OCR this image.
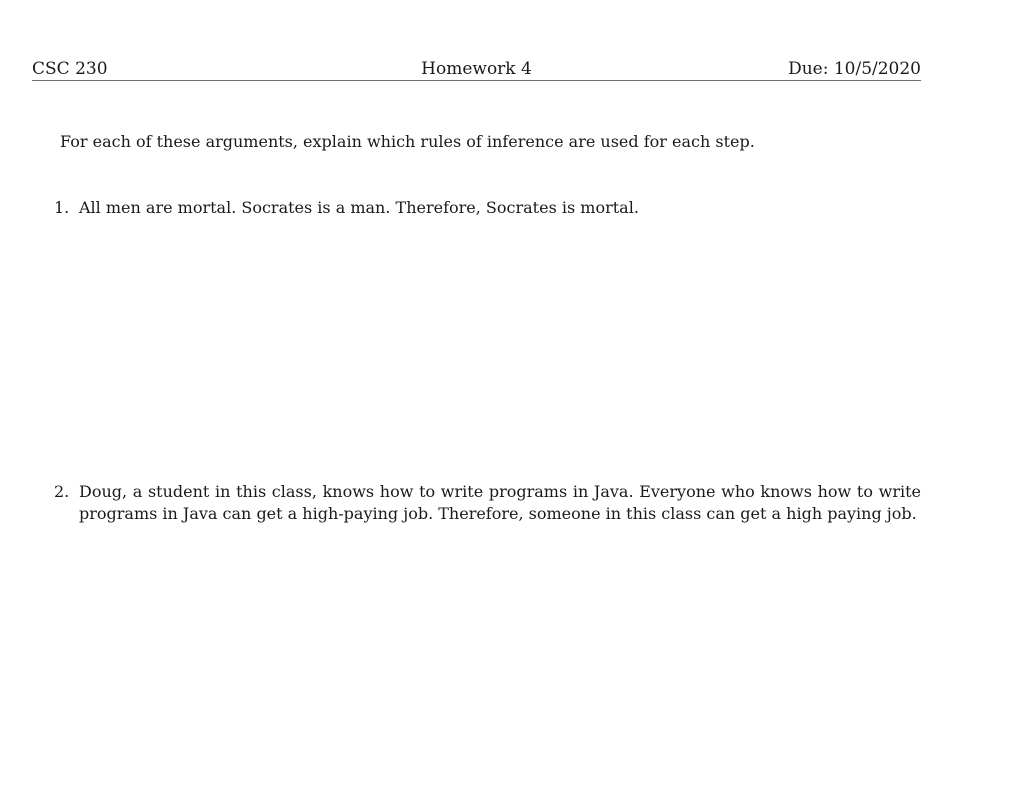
CSC 230	Homework 4	Due: 10/5/2020
For each of these arguments, explain which rules of inference are used for each step.
1. All men are mortal. Socrates is a man. Therefore, Socrates is mortal.
2. Doug, a student in this class, knows how to write programs in Java. Everyone who knows how to write programs in Java can get a high-paying job. Therefore, someone in this class can get a high paying job.
